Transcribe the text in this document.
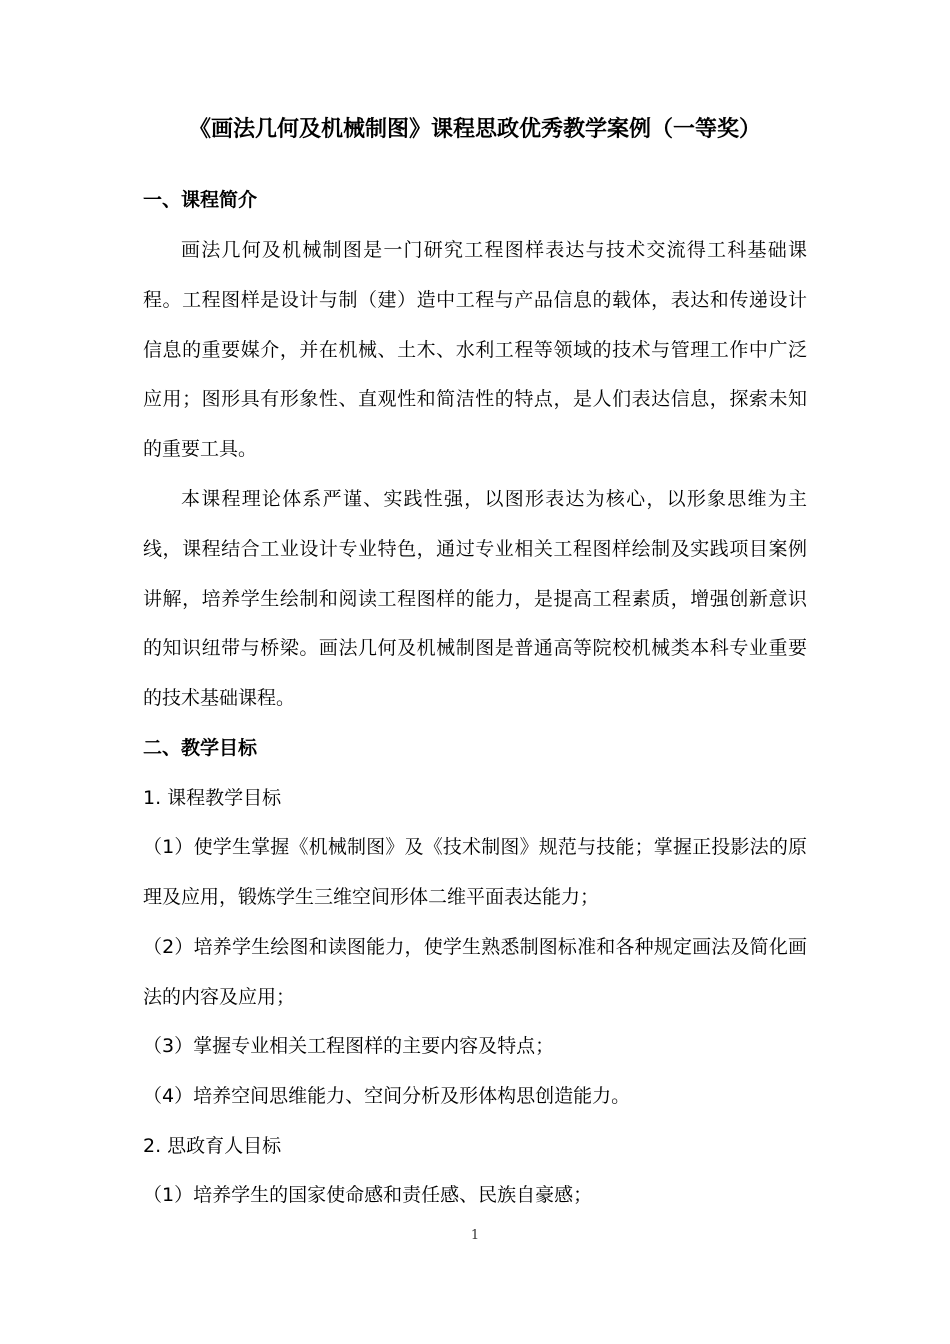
《画法几何及机械制图》课程思政优秀教学案例（一等奖）
一、课程简介

画法几何及机械制图是一门研究工程图样表达与技术交流得工科基础课程。工程图样是设计与制（建）造中工程与产品信息的载体，表达和传递设计信息的重要媒介，并在机械、土木、水利工程等领域的技术与管理工作中广泛应用；图形具有形象性、直观性和简洁性的特点，是人们表达信息，探索未知的重要工具。

本课程理论体系严谨、实践性强，以图形表达为核心，以形象思维为主线，课程结合工业设计专业特色，通过专业相关工程图样绘制及实践项目案例讲解，培养学生绘制和阅读工程图样的能力，是提高工程素质，增强创新意识的知识纽带与桥梁。画法几何及机械制图是普通高等院校机械类本科专业重要的技术基础课程。

二、教学目标
1. 课程教学目标

（1）使学生掌握《机械制图》及《技术制图》规范与技能；掌握正投影法的原理及应用，锻炼学生三维空间形体二维平面表达能力；

（2）培养学生绘图和读图能力，使学生熟悉制图标准和各种规定画法及简化画法的内容及应用；

（3）掌握专业相关工程图样的主要内容及特点；
（4）培养空间思维能力、空间分析及形体构思创造能力。
2. 思政育人目标
（1）培养学生的国家使命感和责任感、民族自豪感；
1
